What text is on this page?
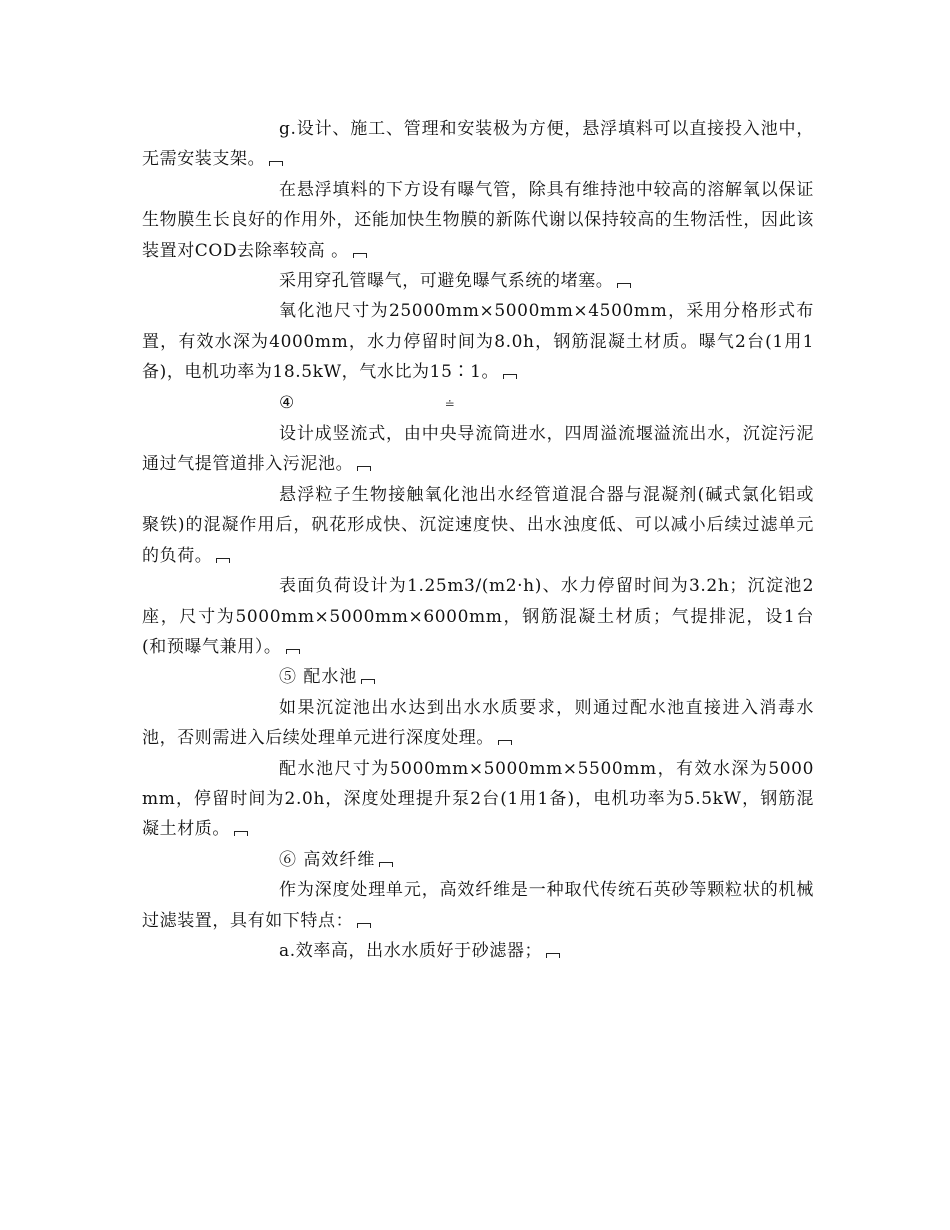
g.设计、施工、管理和安装极为方便，悬浮填料可以直接投入池中，无需安装支架。

在悬浮填料的下方设有曝气管，除具有维持池中较高的溶解氧以保证生物膜生长良好的作用外，还能加快生物膜的新陈代谢以保持较高的生物活性，因此该装置对COD去除率较高 。

采用穿孔管曝气，可避免曝气系统的堵塞。

氧化池尺寸为25000mm×5000mm×4500mm，采用分格形式布置，有效水深为4000mm，水力停留时间为8.0h，钢筋混凝土材质。曝气2台(1用1备)，电机功率为18.5kW，气水比为15∶1。

④	≐

设计成竖流式，由中央导流筒进水，四周溢流堰溢流出水，沉淀污泥通过气提管道排入污泥池。

悬浮粒子生物接触氧化池出水经管道混合器与混凝剂(碱式氯化铝或聚铁)的混凝作用后，矾花形成快、沉淀速度快、出水浊度低、可以减小后续过滤单元的负荷。

表面负荷设计为1.25m3/(m2·h)、水力停留时间为3.2h；沉淀池2座，尺寸为5000mm×5000mm×6000mm，钢筋混凝土材质；气提排泥，设1台(和预曝气兼用）。

⑤ 配水池

如果沉淀池出水达到出水水质要求，则通过配水池直接进入消毒水池，否则需进入后续处理单元进行深度处理。

配水池尺寸为5000mm×5000mm×5500mm，有效水深为5000mm，停留时间为2.0h，深度处理提升泵2台(1用1备)，电机功率为5.5kW，钢筋混凝土材质。

⑥ 高效纤维

作为深度处理单元，高效纤维是一种取代传统石英砂等颗粒状的机械过滤装置，具有如下特点：

a.效率高，出水水质好于砂滤器；
